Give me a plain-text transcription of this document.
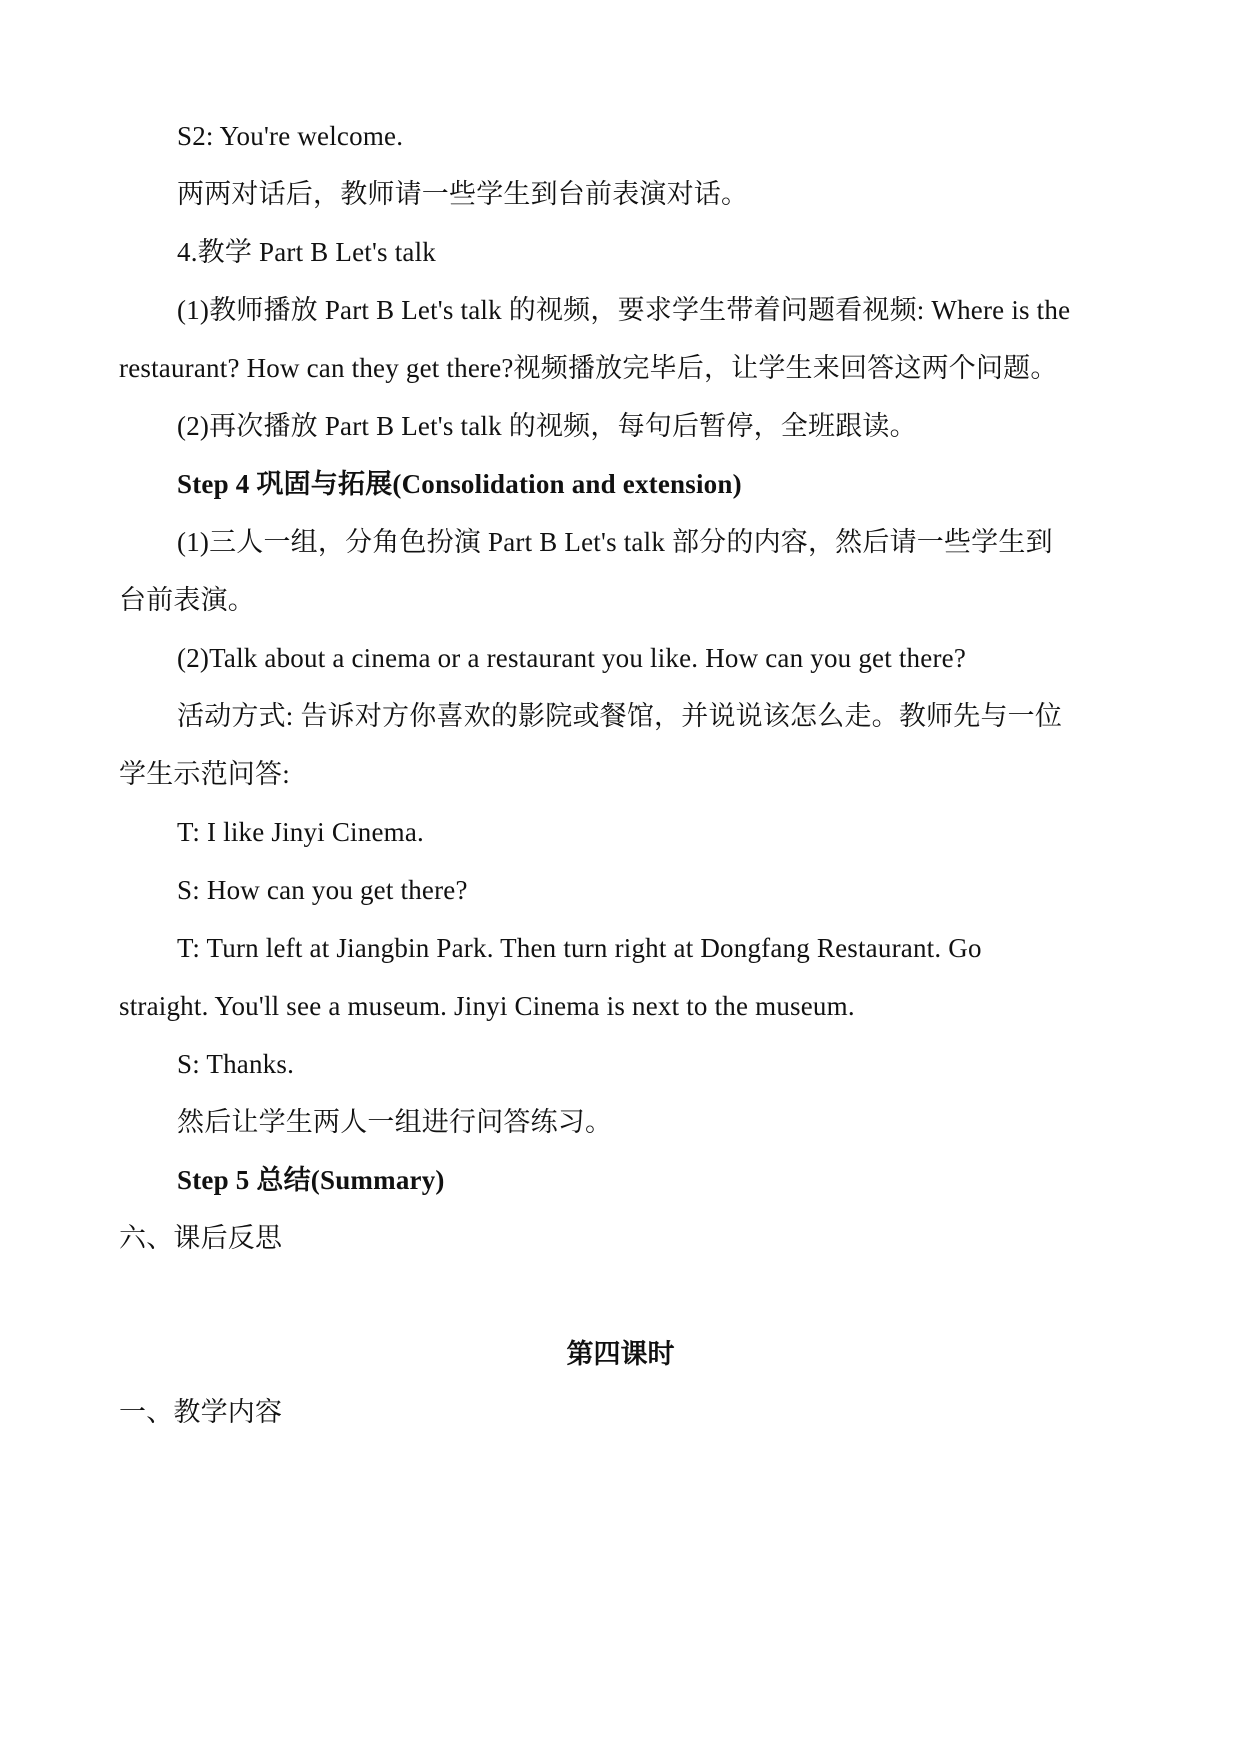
S2: You're welcome.
两两对话后，教师请一些学生到台前表演对话。
4.教学 Part B Let's talk
(1)教师播放 Part B Let's talk 的视频，要求学生带着问题看视频: Where is the
restaurant? How can they get there?视频播放完毕后，让学生来回答这两个问题。
(2)再次播放 Part B Let's talk 的视频，每句后暂停，全班跟读。
Step 4 巩固与拓展(Consolidation and extension)
(1)三人一组，分角色扮演 Part B Let's talk 部分的内容，然后请一些学生到
台前表演。
(2)Talk about a cinema or a restaurant you like. How can you get there?
活动方式: 告诉对方你喜欢的影院或餐馆，并说说该怎么走。教师先与一位
学生示范问答:
T: I like Jinyi Cinema.
S: How can you get there?
T: Turn left at Jiangbin Park. Then turn right at Dongfang Restaurant. Go
straight. You'll see a museum. Jinyi Cinema is next to the museum.
S: Thanks.
然后让学生两人一组进行问答练习。
Step 5 总结(Summary)
六、课后反思
第四课时
一、教学内容
